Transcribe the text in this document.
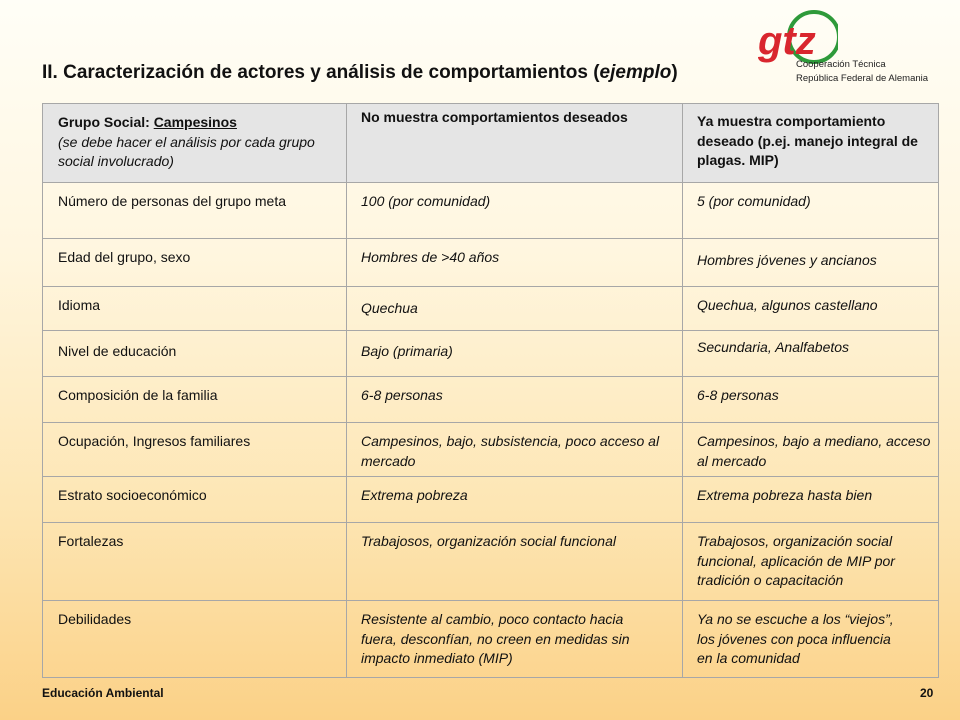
II. Caracterización de actores y análisis de comportamientos (ejemplo)
gtz
Cooperación Técnica
República Federal de Alemania
Grupo Social: Campesinos
(se debe hacer el análisis por cada grupo social involucrado)	No muestra comportamientos deseados	Ya muestra comportamiento deseado (p.ej. manejo integral de plagas. MIP)
Número de personas del grupo meta	100 (por comunidad)	5 (por comunidad)
Edad del grupo, sexo	Hombres de >40 años	Hombres jóvenes y ancianos
Idioma	Quechua	Quechua, algunos castellano
Nivel de educación	Bajo (primaria)	Secundaria, Analfabetos
Composición de la familia	6-8 personas	6-8 personas
Ocupación, Ingresos familiares	Campesinos, bajo, subsistencia, poco acceso al mercado	Campesinos, bajo a mediano, acceso al mercado
Estrato socioeconómico	Extrema pobreza	Extrema pobreza hasta bien
Fortalezas	Trabajosos, organización social funcional	Trabajosos, organización social funcional, aplicación de MIP por tradición o capacitación
Debilidades	Resistente al cambio, poco contacto hacia fuera, desconfían, no creen en medidas sin impacto inmediato (MIP)	Ya no se escuche a los “viejos”, los jóvenes con poca influencia en la comunidad
Educación Ambiental	20
